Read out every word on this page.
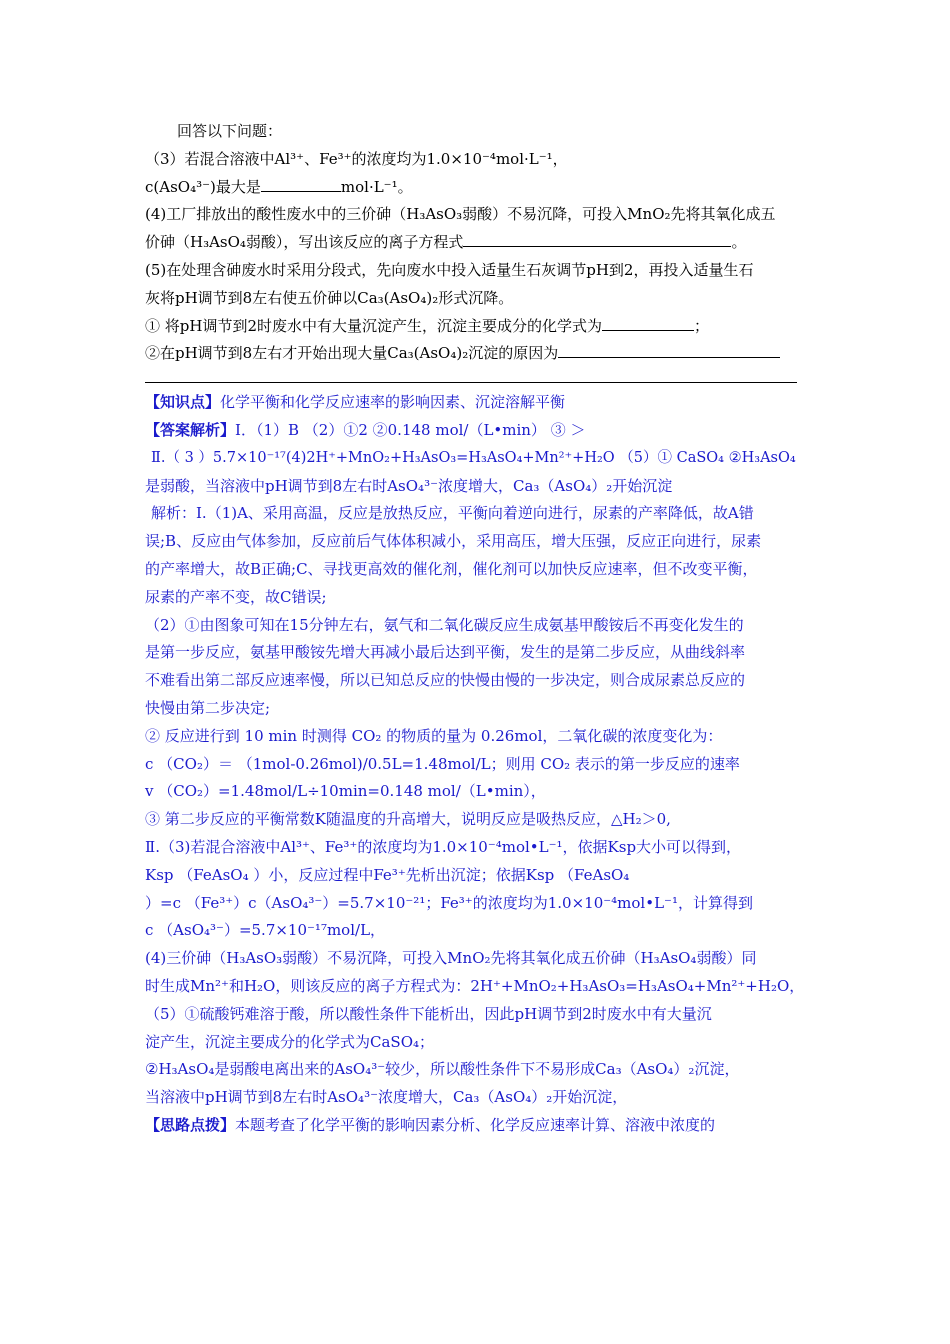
回答以下问题：
（3）若混合溶液中Al³⁺、Fe³⁺的浓度均为1.0×10⁻⁴mol·L⁻¹，
c(AsO₄³⁻)最大是	mol·L⁻¹。
(4)工厂排放出的酸性废水中的三价砷（H₃AsO₃弱酸）不易沉降，可投入MnO₂先将其氧化成五
价砷（H₃AsO₄弱酸），写出该反应的离子方程式	。
(5)在处理含砷废水时采用分段式，先向废水中投入适量生石灰调节pH到2，再投入适量生石
灰将pH调节到8左右使五价砷以Ca₃(AsO₄)₂形式沉降。
① 将pH调节到2时废水中有大量沉淀产生，沉淀主要成分的化学式为	；
②在pH调节到8左右才开始出现大量Ca₃(AsO₄)₂沉淀的原因为
【知识点】化学平衡和化学反应速率的影响因素、沉淀溶解平衡
【答案解析】Ⅰ．（1）B （2）①2 ②0.148 mol/（L•min） ③ ＞
Ⅱ.（ 3 ）5.7×10⁻¹⁷(4)2H⁺+MnO₂+H₃AsO₃=H₃AsO₄+Mn²⁺+H₂O （5）① CaSO₄ ②H₃AsO₄
是弱酸，当溶液中pH调节到8左右时AsO₄³⁻浓度增大，Ca₃（AsO₄）₂开始沉淀
解析：Ⅰ.（1)A、采用高温，反应是放热反应，平衡向着逆向进行，尿素的产率降低，故A错
误;B、反应由气体参加，反应前后气体体积减小，采用高压，增大压强，反应正向进行，尿素
的产率增大，故B正确;C、寻找更高效的催化剂，催化剂可以加快反应速率，但不改变平衡，
尿素的产率不变，故C错误;
（2）①由图象可知在15分钟左右，氨气和二氧化碳反应生成氨基甲酸铵后不再变化发生的
是第一步反应，氨基甲酸铵先增大再减小最后达到平衡，发生的是第二步反应，从曲线斜率
不难看出第二部反应速率慢，所以已知总反应的快慢由慢的一步决定，则合成尿素总反应的
快慢由第二步决定;
② 反应进行到 10 min 时测得 CO₂ 的物质的量为 0.26mol，二氧化碳的浓度变化为：
c （CO₂）＝ （1mol-0.26mol)/0.5L=1.48mol/L；则用 CO₂ 表示的第一步反应的速率
v （CO₂）=1.48mol/L÷10min=0.148 mol/（L•min），
③ 第二步反应的平衡常数K随温度的升高增大，说明反应是吸热反应，△H₂＞0,
Ⅱ.（3)若混合溶液中Al³⁺、Fe³⁺的浓度均为1.0×10⁻⁴mol•L⁻¹，依据Ksp大小可以得到，
Ksp （FeAsO₄ ）小，反应过程中Fe³⁺先析出沉淀；依据Ksp （FeAsO₄
）=c （Fe³⁺）c（AsO₄³⁻）=5.7×10⁻²¹；Fe³⁺的浓度均为1.0×10⁻⁴mol•L⁻¹，计算得到
c （AsO₄³⁻）=5.7×10⁻¹⁷mol/L，
(4)三价砷（H₃AsO₃弱酸）不易沉降，可投入MnO₂先将其氧化成五价砷（H₃AsO₄弱酸）同
时生成Mn²⁺和H₂O，则该反应的离子方程式为：2H⁺+MnO₂+H₃AsO₃=H₃AsO₄+Mn²⁺+H₂O，
（5）①硫酸钙难溶于酸，所以酸性条件下能析出，因此pH调节到2时废水中有大量沉
淀产生，沉淀主要成分的化学式为CaSO₄；
②H₃AsO₄是弱酸电离出来的AsO₄³⁻较少，所以酸性条件下不易形成Ca₃（AsO₄）₂沉淀，
当溶液中pH调节到8左右时AsO₄³⁻浓度增大，Ca₃（AsO₄）₂开始沉淀，
【思路点拨】本题考查了化学平衡的影响因素分析、化学反应速率计算、溶液中浓度的
